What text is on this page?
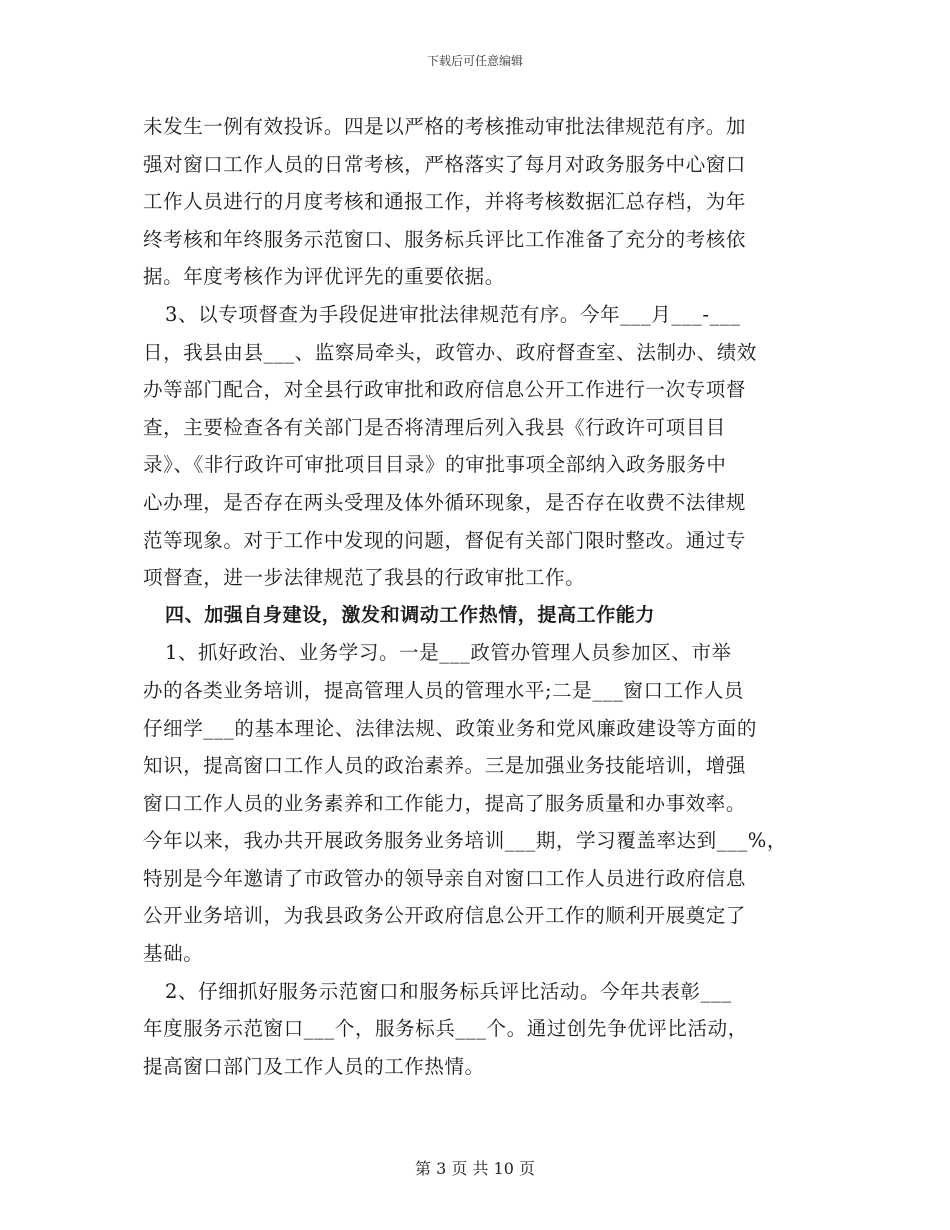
下载后可任意编辑
未发生一例有效投诉。四是以严格的考核推动审批法律规范有序。加
强对窗口工作人员的日常考核，严格落实了每月对政务服务中心窗口
工作人员进行的月度考核和通报工作，并将考核数据汇总存档，为年
终考核和年终服务示范窗口、服务标兵评比工作准备了充分的考核依
据。年度考核作为评优评先的重要依据。
3、以专项督查为手段促进审批法律规范有序。今年___月___-___
日，我县由县___、监察局牵头，政管办、政府督查室、法制办、绩效
办等部门配合，对全县行政审批和政府信息公开工作进行一次专项督
查，主要检查各有关部门是否将清理后列入我县《行政许可项目目
录》、《非行政许可审批项目目录》的审批事项全部纳入政务服务中
心办理，是否存在两头受理及体外循环现象，是否存在收费不法律规
范等现象。对于工作中发现的问题，督促有关部门限时整改。通过专
项督查，进一步法律规范了我县的行政审批工作。
四、加强自身建设，激发和调动工作热情，提高工作能力
1、抓好政治、业务学习。一是___政管办管理人员参加区、市举
办的各类业务培训，提高管理人员的管理水平;二是___窗口工作人员
仔细学___的基本理论、法律法规、政策业务和党风廉政建设等方面的
知识，提高窗口工作人员的政治素养。三是加强业务技能培训，增强
窗口工作人员的业务素养和工作能力，提高了服务质量和办事效率。
今年以来，我办共开展政务服务业务培训___期，学习覆盖率达到___%，
特别是今年邀请了市政管办的领导亲自对窗口工作人员进行政府信息
公开业务培训，为我县政务公开政府信息公开工作的顺利开展奠定了
基础。
2、仔细抓好服务示范窗口和服务标兵评比活动。今年共表彰___
年度服务示范窗口___个，服务标兵___个。通过创先争优评比活动，
提高窗口部门及工作人员的工作热情。
第 3 页 共 10 页
